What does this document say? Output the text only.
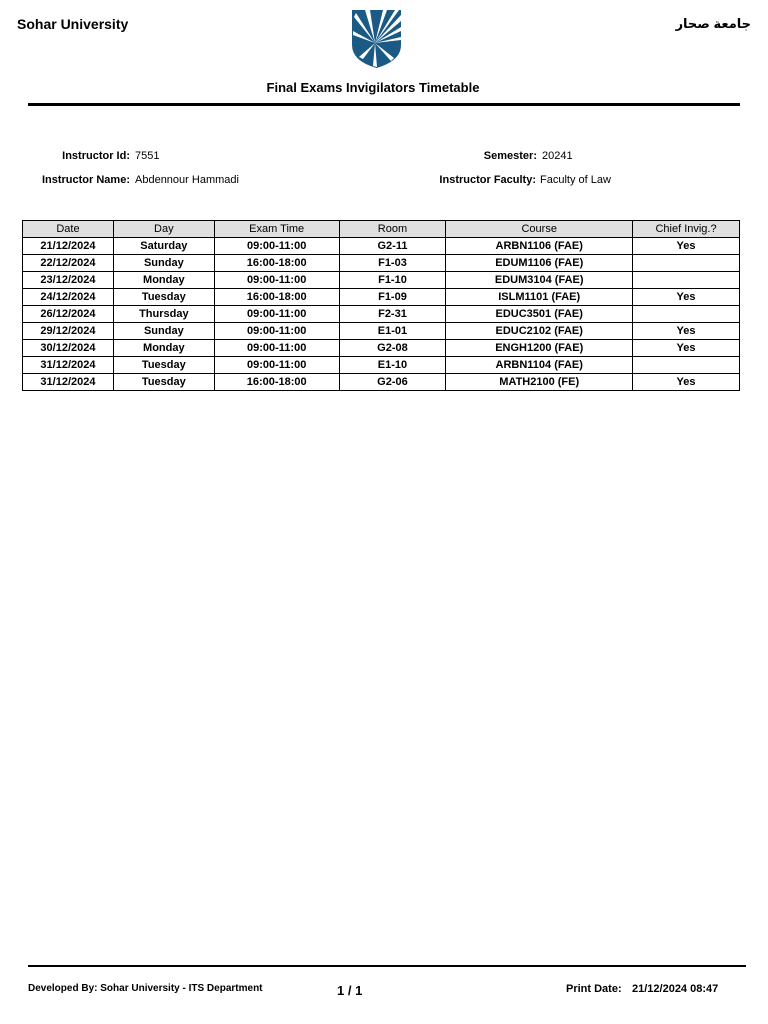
Sohar University	جامعة صحار
Final Exams Invigilators Timetable
Instructor Id: 7551
Instructor Name: Abdennour Hammadi
Semester: 20241
Instructor Faculty: Faculty of Law
Date	Day	Exam Time	Room	Course	Chief Invig.?
21/12/2024	Saturday	09:00-11:00	G2-11	ARBN1106 (FAE)	Yes
22/12/2024	Sunday	16:00-18:00	F1-03	EDUM1106 (FAE)	
23/12/2024	Monday	09:00-11:00	F1-10	EDUM3104 (FAE)	
24/12/2024	Tuesday	16:00-18:00	F1-09	ISLM1101 (FAE)	Yes
26/12/2024	Thursday	09:00-11:00	F2-31	EDUC3501 (FAE)	
29/12/2024	Sunday	09:00-11:00	E1-01	EDUC2102 (FAE)	Yes
30/12/2024	Monday	09:00-11:00	G2-08	ENGH1200 (FAE)	Yes
31/12/2024	Tuesday	09:00-11:00	E1-10	ARBN1104 (FAE)	
31/12/2024	Tuesday	16:00-18:00	G2-06	MATH2100 (FE)	Yes
Developed By: Sohar University - ITS Department	1 / 1	Print Date: 21/12/2024 08:47
